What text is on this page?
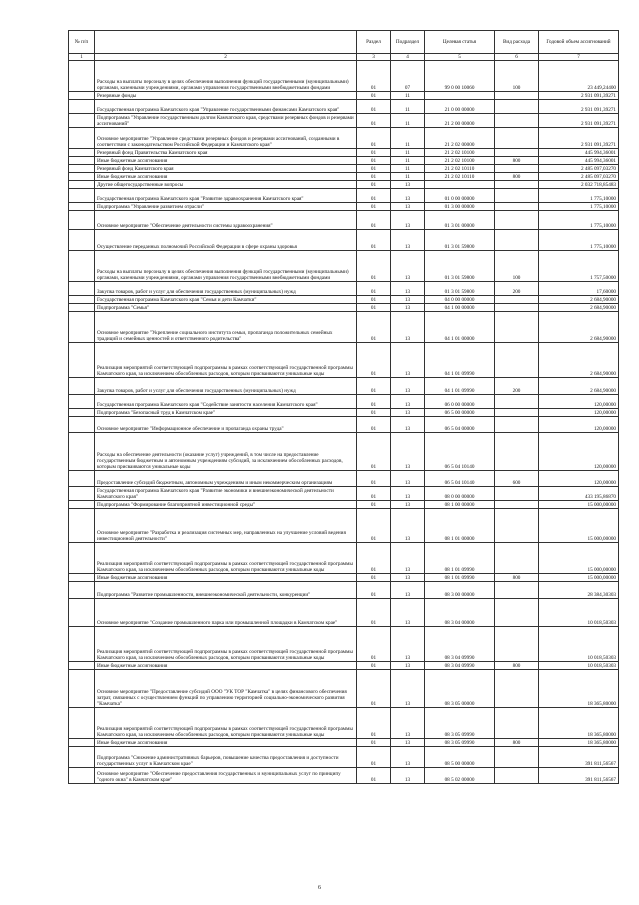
№ п/п		Раздел	Подраздел	Целевая статья	Вид расхода	Годовой объем ассигнований
1	2	3	4	5	6	7
	Расходы на выплаты персоналу в целях обеспечения выполнения функций государственными (муниципальными) органами, казенными учреждениями, органами управления государственными внебюджетными фондами	01	07	99 0 00 10060	100	23 449,24400
	Резервные фонды	01	11			2 931 091,39271
	Государственная программа Камчатского края "Управление государственными финансами Камчатского края"	01	11	21 0 00 00000		2 931 091,39271
	Подпрограмма "Управление государственным долгом Камчатского края, средствами резервных фондов и резервами ассигнований"	01	11	21 2 00 00000		2 931 091,39271
	Основное мероприятие "Управление средствами резервных фондов и резервами ассигнований, созданными в соответствии с законодательством Российской Федерации и Камчатского края"	01	11	21 2 02 00000		2 931 091,39271
	Резервный фонд Правительства Камчатского края	01	11	21 2 02 10100		445 994,36001
	Иные бюджетные ассигнования	01	11	21 2 02 10100	800	445 994,36001
	Резервный фонд Камчатского края	01	11	21 2 02 10110		2 485 097,03270
	Иные бюджетные ассигнования	01	11	21 2 02 10110	800	2 485 097,03270
	Другие общегосударственные вопросы	01	13			2 032 718,85483
	Государственная программа Камчатского края "Развитие здравоохранения Камчатского края"	01	13	01 0 00 00000		1 775,10000
	Подпрограмма "Управление развитием отрасли"	01	13	01 3 00 00000		1 775,10000
	Основное мероприятие "Обеспечение деятельности системы здравоохранения"	01	13	01 3 01 00000		1 775,10000
	Осуществление переданных полномочий Российской Федерации в сфере охраны здоровья	01	13	01 3 01 59800		1 775,10000
	Расходы на выплаты персоналу в целях обеспечения выполнения функций государственными (муниципальными) органами, казенными учреждениями, органами управления государственными внебюджетными фондами	01	13	01 3 01 59800	100	1 757,50000
	Закупка товаров, работ и услуг для обеспечения государственных (муниципальных) нужд	01	13	01 3 01 59800	200	17,60000
	Государственная программа Камчатского края "Семья и дети Камчатки"	01	13	04 0 00 00000		2 684,90000
	Подпрограмма "Семья"	01	13	04 1 00 00000		2 684,90000
	Основное мероприятие "Укрепление социального института семьи, пропаганда положительных семейных традиций и семейных ценностей и ответственного родительства"	01	13	04 1 01 00000		2 684,90000
	Реализация мероприятий соответствующей подпрограммы в рамках соответствующей государственной программы Камчатского края, за исключением обособленных расходов, которым присваиваются уникальные коды	01	13	04 1 01 09990		2 684,90000
	Закупка товаров, работ и услуг для обеспечения государственных (муниципальных) нужд	01	13	04 1 01 09990	200	2 684,90000
	Государственная программа Камчатского края "Содействие занятости населения Камчатского края"	01	13	06 0 00 00000		120,00000
	Подпрограмма "Безопасный труд в Камчатском крае"	01	13	06 5 00 00000		120,00000
	Основное мероприятие "Информационное обеспечение и пропаганда охраны труда"	01	13	06 5 04 00000		120,00000
	Расходы на обеспечение деятельности (оказание услуг) учреждений, в том числе на предоставление государственным бюджетным и автономным учреждениям субсидий, за исключением обособленных расходов, которым присваиваются уникальные коды	01	13	06 5 04 10140		120,00000
	Предоставление субсидий бюджетным, автономным учреждениям и иным некоммерческим организациям	01	13	06 5 04 10140	600	120,00000
	Государственная программа Камчатского края "Развитие экономики и внешнеэкономической деятельности Камчатского края"	01	13	08 0 00 00000		433 195,86870
	Подпрограмма "Формирование благоприятной инвестиционной среды"	01	13	08 1 00 00000		15 000,00000
	Основное мероприятие "Разработка и реализация системных мер, направленных на улучшение условий ведения инвестиционной деятельности"	01	13	08 1 01 00000		15 000,00000
	Реализация мероприятий соответствующей подпрограммы в рамках соответствующей государственной программы Камчатского края, за исключением обособленных расходов, которым присваиваются уникальные коды	01	13	08 1 01 09990		15 000,00000
	Иные бюджетные ассигнования	01	13	08 1 01 09990	800	15 000,00000
	Подпрограмма "Развитие промышленности, внешнеэкономической деятельности, конкуренции"	01	13	08 3 00 00000		28 384,30303
	Основное мероприятие "Создание промышленного парка или промышленной площадки в Камчатском крае"	01	13	08 3 04 00000		10 018,50303
	Реализация мероприятий соответствующей подпрограммы в рамках соответствующей государственной программы Камчатского края, за исключением обособленных расходов, которым присваиваются уникальные коды	01	13	08 3 04 09990		10 018,50303
	Иные бюджетные ассигнования	01	13	08 3 04 09990	800	10 018,50303
	Основное мероприятие "Предоставление субсидий ООО "УК ТОР "Камчатка" в целях финансового обеспечения затрат, связанных с осуществлением функций по управлению территорией социально-экономического развития "Камчатка"	01	13	08 3 05 00000		18 365,80000
	Реализация мероприятий соответствующей подпрограммы в рамках соответствующей государственной программы Камчатского края, за исключением обособленных расходов, которым присваиваются уникальные коды	01	13	08 3 05 09990		18 365,80000
	Иные бюджетные ассигнования	01	13	08 3 05 09990	800	18 365,80000
	Подпрограмма "Снижение административных барьеров, повышение качества предоставления и доступности государственных услуг в Камчатском крае"	01	13	08 5 00 00000		391 811,56567
	Основное мероприятие "Обеспечение предоставления государственных и муниципальных услуг по принципу "одного окна" в Камчатском крае"	01	13	08 5 02 00000		391 811,56567
6
